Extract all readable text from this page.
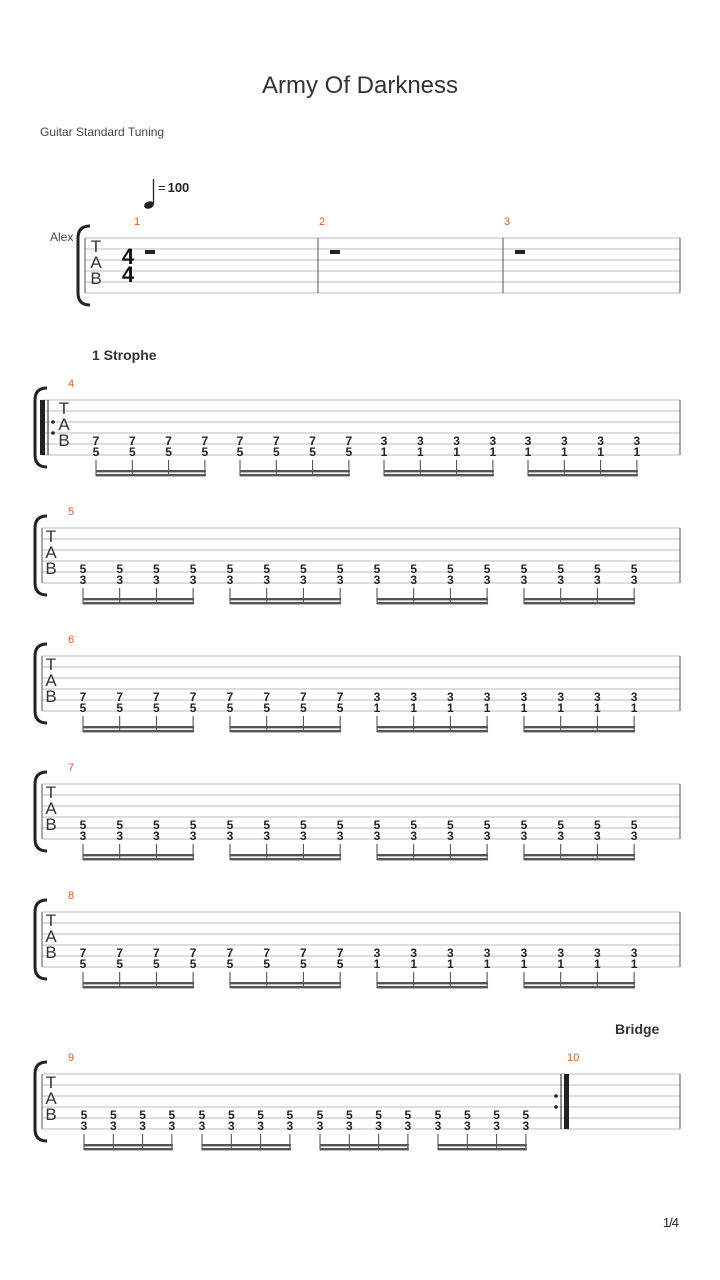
Army Of Darkness
Guitar Standard Tuning
= 100
Alex
1 Strophe
Bridge
T
A
B
4
4
1	2	3
T
A
B
4
7
5
7
5
7
5
7
5
7
5
7
5
7
5
7
5
3
1
3
1
3
1
3
1
3
1
3
1
3
1
3
1
T
A
B
5
5
3
5
3
5
3
5
3
5
3
5
3
5
3
5
3
5
3
5
3
5
3
5
3
5
3
5
3
5
3
5
3
T
A
B
6
7
5
7
5
7
5
7
5
7
5
7
5
7
5
7
5
3
1
3
1
3
1
3
1
3
1
3
1
3
1
3
1
T
A
B
7
5
3
5
3
5
3
5
3
5
3
5
3
5
3
5
3
5
3
5
3
5
3
5
3
5
3
5
3
5
3
5
3
T
A
B
8
7
5
7
5
7
5
7
5
7
5
7
5
7
5
7
5
3
1
3
1
3
1
3
1
3
1
3
1
3
1
3
1
T
A
B
9
5
3
5
3
5
3
5
3
5
3
5
3
5
3
5
3
5
3
5
3
5
3
5
3
5
3
5
3
5
3
5
3
10
1/4
